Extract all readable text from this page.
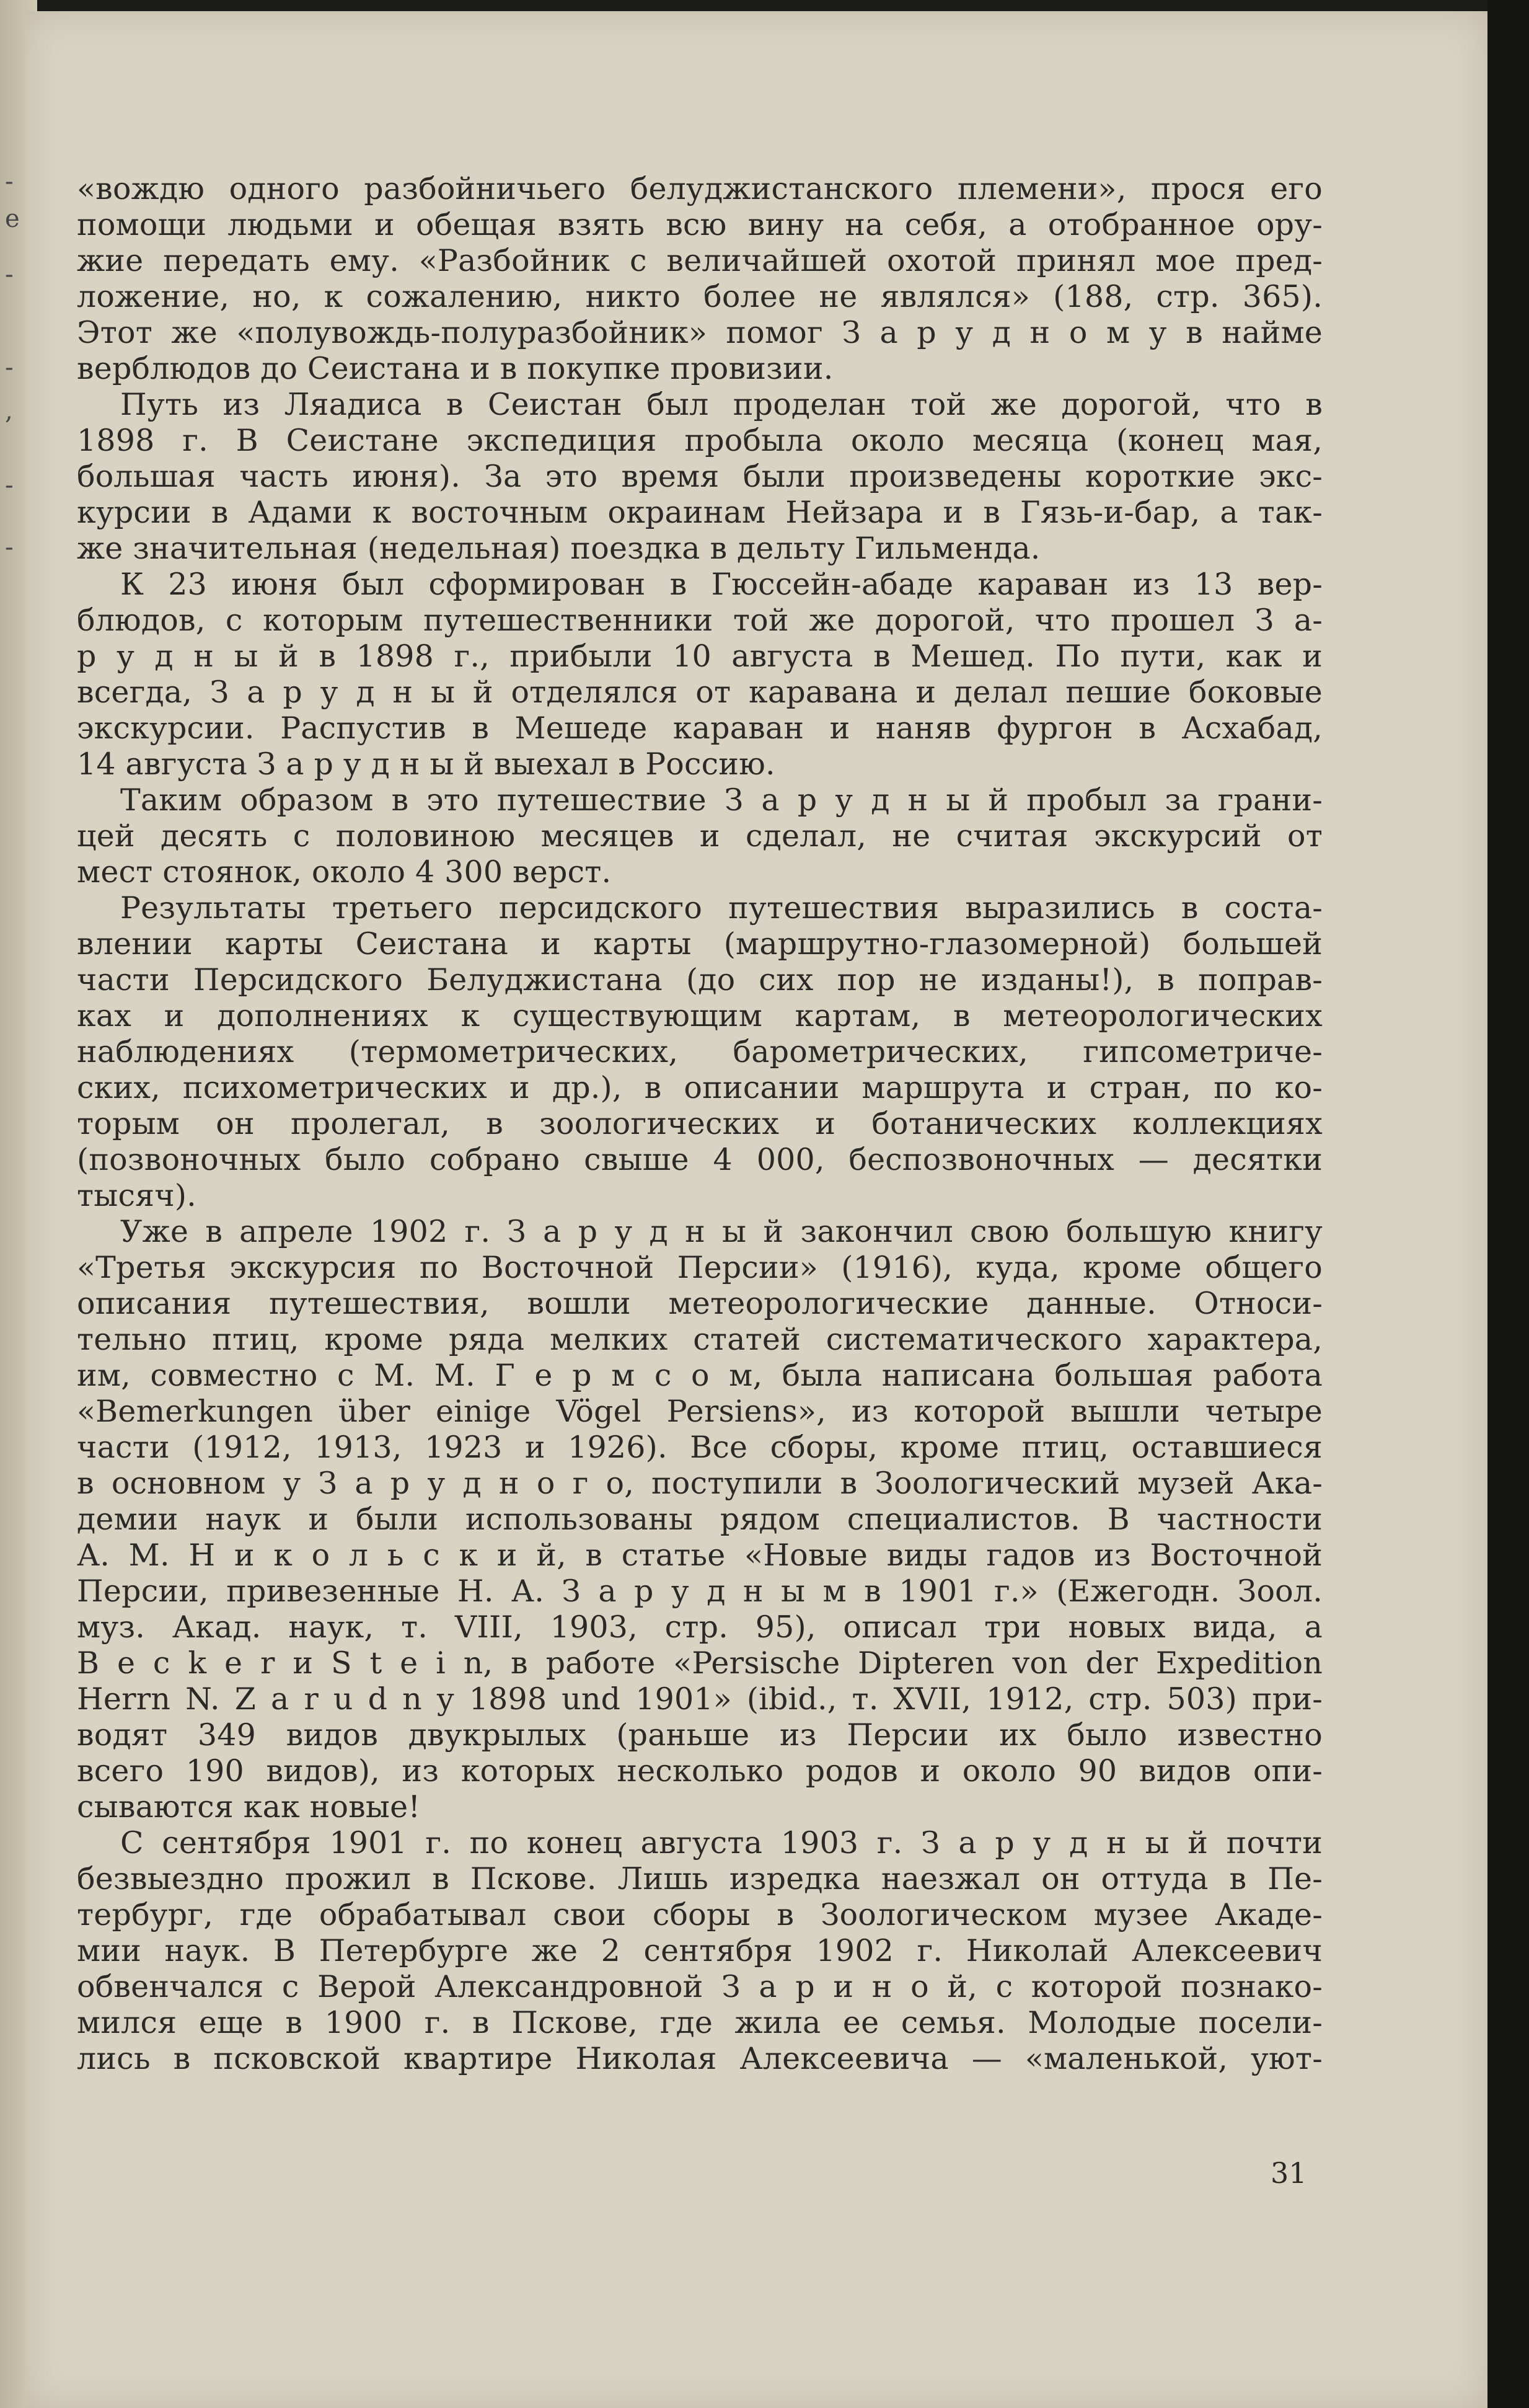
-
e
-
-
,
-
-

«вождю одного разбойничьего белуджистанского племени», прося его
помощи людьми и обещая взять всю вину на себя, а отобранное ору-
жие передать ему. «Разбойник с величайшей охотой принял мое пред-
ложение, но, к сожалению, никто более не являлся» (188, стр. 365).
Этот же «полувождь-полуразбойник» помог З а р у д н о м у в найме
верблюдов до Сеистана и в покупке провизии.

Путь из Ляадиса в Сеистан был проделан той же дорогой, что в
1898 г. В Сеистане экспедиция пробыла около месяца (конец мая,
большая часть июня). За это время были произведены короткие экс-
курсии в Адами к восточным окраинам Нейзара и в Гязь-и-бар, а так-
же значительная (недельная) поездка в дельту Гильменда.

К 23 июня был сформирован в Гюссейн-абаде караван из 13 вер-
блюдов, с которым путешественники той же дорогой, что прошел З а-
р у д н ы й в 1898 г., прибыли 10 августа в Мешед. По пути, как и
всегда, З а р у д н ы й отделялся от каравана и делал пешие боковые
экскурсии. Распустив в Мешеде караван и наняв фургон в Асхабад,
14 августа З а р у д н ы й выехал в Россию.

Таким образом в это путешествие З а р у д н ы й пробыл за грани-
цей десять с половиною месяцев и сделал, не считая экскурсий от
мест стоянок, около 4 300 верст.

Результаты третьего персидского путешествия выразились в соста-
влении карты Сеистана и карты (маршрутно-глазомерной) большей
части Персидского Белуджистана (до сих пор не изданы!), в поправ-
ках и дополнениях к существующим картам, в метеорологических
наблюдениях (термометрических, барометрических, гипсометриче-
ских, психометрических и др.), в описании маршрута и стран, по ко-
торым он пролегал, в зоологических и ботанических коллекциях
(позвоночных было собрано свыше 4 000, беспозвоночных — десятки
тысяч).

Уже в апреле 1902 г. З а р у д н ы й закончил свою большую книгу
«Третья экскурсия по Восточной Персии» (1916), куда, кроме общего
описания путешествия, вошли метеорологические данные. Относи-
тельно птиц, кроме ряда мелких статей систематического характера,
им, совместно с М. М. Г е р м с о м, была написана большая работа
«Bemerkungen über einige Vögel Persiens», из которой вышли четыре
части (1912, 1913, 1923 и 1926). Все сборы, кроме птиц, оставшиеся
в основном у З а р у д н о г о, поступили в Зоологический музей Ака-
демии наук и были использованы рядом специалистов. В частности
А. М. Н и к о л ь с к и й, в статье «Новые виды гадов из Восточной
Персии, привезенные Н. А. З а р у д н ы м в 1901 г.» (Ежегодн. Зоол.
муз. Акад. наук, т. VIII, 1903, стр. 95), описал три новых вида, а
B e c k e r и S t e i n, в работе «Persische Dipteren von der Expedition
Herrn N. Z a r u d n y 1898 und 1901» (ibid., т. XVII, 1912, стр. 503) при-
водят 349 видов двукрылых (раньше из Персии их было известно
всего 190 видов), из которых несколько родов и около 90 видов опи-
сываются как новые!

С сентября 1901 г. по конец августа 1903 г. З а р у д н ы й почти
безвыездно прожил в Пскове. Лишь изредка наезжал он оттуда в Пе-
тербург, где обрабатывал свои сборы в Зоологическом музее Акаде-
мии наук. В Петербурге же 2 сентября 1902 г. Николай Алексеевич
обвенчался с Верой Александровной З а р и н о й, с которой познако-
мился еще в 1900 г. в Пскове, где жила ее семья. Молодые посели-
лись в псковской квартире Николая Алексеевича — «маленькой, уют-

31
